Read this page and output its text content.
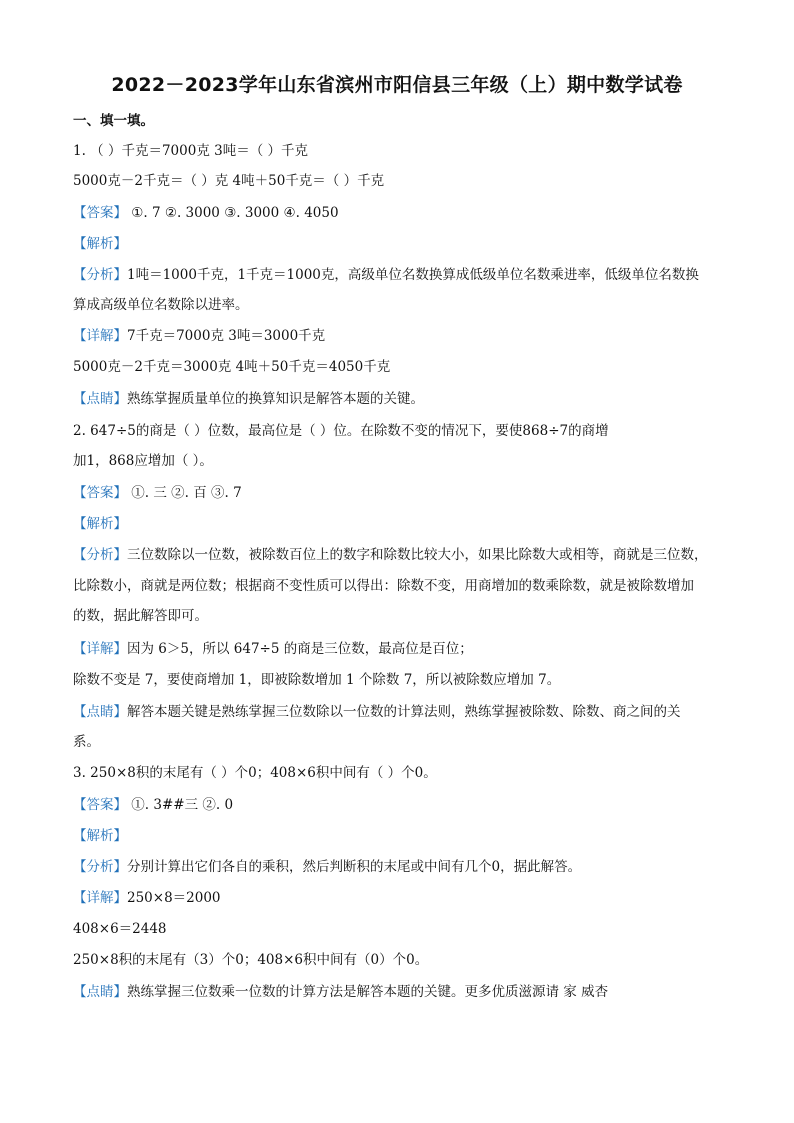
2022－2023学年山东省滨州市阳信县三年级（上）期中数学试卷
一、填一填。
1. （ ）千克＝7000克 3吨＝（ ）千克
5000克－2千克＝（ ）克 4吨＋50千克＝（ ）千克
【答案】 ①. 7 ②. 3000 ③. 3000 ④. 4050
【解析】
【分析】1吨＝1000千克，1千克＝1000克，高级单位名数换算成低级单位名数乘进率，低级单位名数换
算成高级单位名数除以进率。
【详解】7千克＝7000克 3吨＝3000千克
5000克－2千克＝3000克 4吨＋50千克＝4050千克
【点睛】熟练掌握质量单位的换算知识是解答本题的关键。
2. 647÷5的商是（ ）位数，最高位是（ ）位。在除数不变的情况下，要使868÷7的商增
加1，868应增加（ ）。
【答案】 ①. 三 ②. 百 ③. 7
【解析】
【分析】三位数除以一位数，被除数百位上的数字和除数比较大小，如果比除数大或相等，商就是三位数，
比除数小，商就是两位数；根据商不变性质可以得出：除数不变，用商增加的数乘除数，就是被除数增加
的数，据此解答即可。
【详解】因为 6＞5，所以 647÷5 的商是三位数，最高位是百位；
除数不变是 7，要使商增加 1，即被除数增加 1 个除数 7，所以被除数应增加 7。
【点睛】解答本题关键是熟练掌握三位数除以一位数的计算法则，熟练掌握被除数、除数、商之间的关
系。
3. 250×8积的末尾有（ ）个0；408×6积中间有（ ）个0。
【答案】 ①. 3##三 ②. 0
【解析】
【分析】分别计算出它们各自的乘积，然后判断积的末尾或中间有几个0，据此解答。
【详解】250×8＝2000
408×6＝2448
250×8积的末尾有（3）个0；408×6积中间有（0）个0。
【点睛】熟练掌握三位数乘一位数的计算方法是解答本题的关键。更多优质滋源请 家 威杏
